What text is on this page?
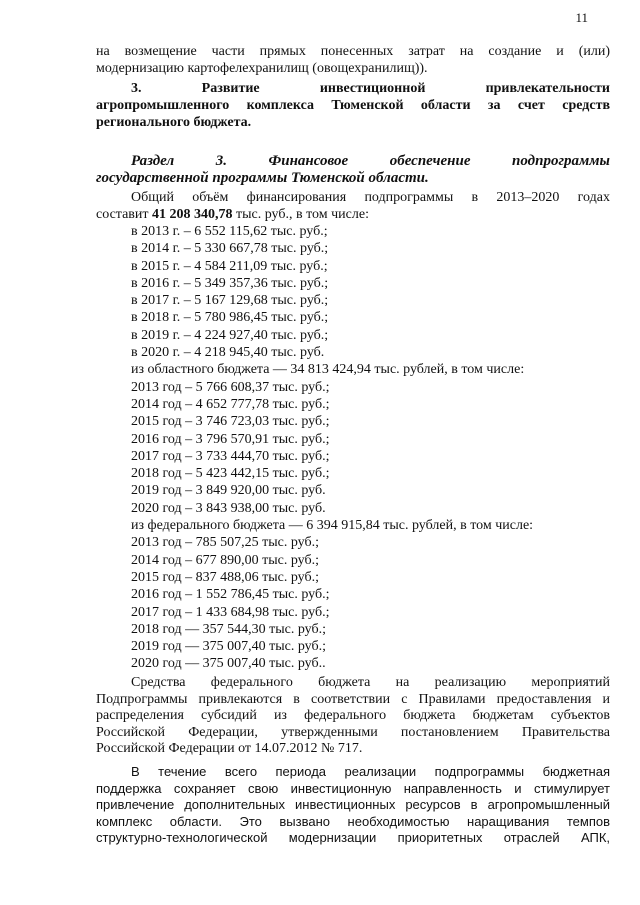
11
на возмещение части прямых понесенных затрат на создание и (или)
модернизацию картофелехранилищ (овощехранилищ)).
3.	Развитие	инвестиционной	привлекательности
агропромышленного комплекса Тюменской области за счет средств
регионального бюджета.
Раздел	3.	Финансовое	обеспечение	подпрограммы
государственной программы Тюменской области.
Общий объём финансирования подпрограммы в 2013–2020 годах
составит 41 208 340,78 тыс. руб., в том числе:
в 2013 г. – 6 552 115,62 тыс. руб.;
в 2014 г. – 5 330 667,78 тыс. руб.;
в 2015 г. – 4 584 211,09 тыс. руб.;
в 2016 г. – 5 349 357,36 тыс. руб.;
в 2017 г. – 5 167 129,68 тыс. руб.;
в 2018 г. – 5 780 986,45 тыс. руб.;
в 2019 г. – 4 224 927,40 тыс. руб.;
в 2020 г. – 4 218 945,40 тыс. руб.
из областного бюджета — 34 813 424,94 тыс. рублей, в том числе:
2013 год – 5 766 608,37 тыс. руб.;
2014 год – 4 652 777,78 тыс. руб.;
2015 год – 3 746 723,03 тыс. руб.;
2016 год – 3 796 570,91 тыс. руб.;
2017 год – 3 733 444,70 тыс. руб.;
2018 год – 5 423 442,15 тыс. руб.;
2019 год – 3 849 920,00 тыс. руб.
2020 год – 3 843 938,00 тыс. руб.
из федерального бюджета — 6 394 915,84 тыс. рублей, в том числе:
2013 год – 785 507,25 тыс. руб.;
2014 год – 677 890,00 тыс. руб.;
2015 год – 837 488,06 тыс. руб.;
2016 год – 1 552 786,45 тыс. руб.;
2017 год – 1 433 684,98 тыс. руб.;
2018 год — 357 544,30 тыс. руб.;
2019 год — 375 007,40 тыс. руб.;
2020 год — 375 007,40 тыс. руб..
Средства федерального бюджета на реализацию мероприятий
Подпрограммы привлекаются в соответствии с Правилами предоставления и
распределения субсидий из федерального бюджета бюджетам субъектов
Российской Федерации, утвержденными постановлением Правительства
Российской Федерации от 14.07.2012 № 717.
В течение всего периода реализации подпрограммы бюджетная
поддержка сохраняет свою инвестиционную направленность и стимулирует
привлечение дополнительных инвестиционных ресурсов в агропромышленный
комплекс области. Это вызвано необходимостью наращивания темпов
структурно-технологической модернизации приоритетных отраслей АПК,
